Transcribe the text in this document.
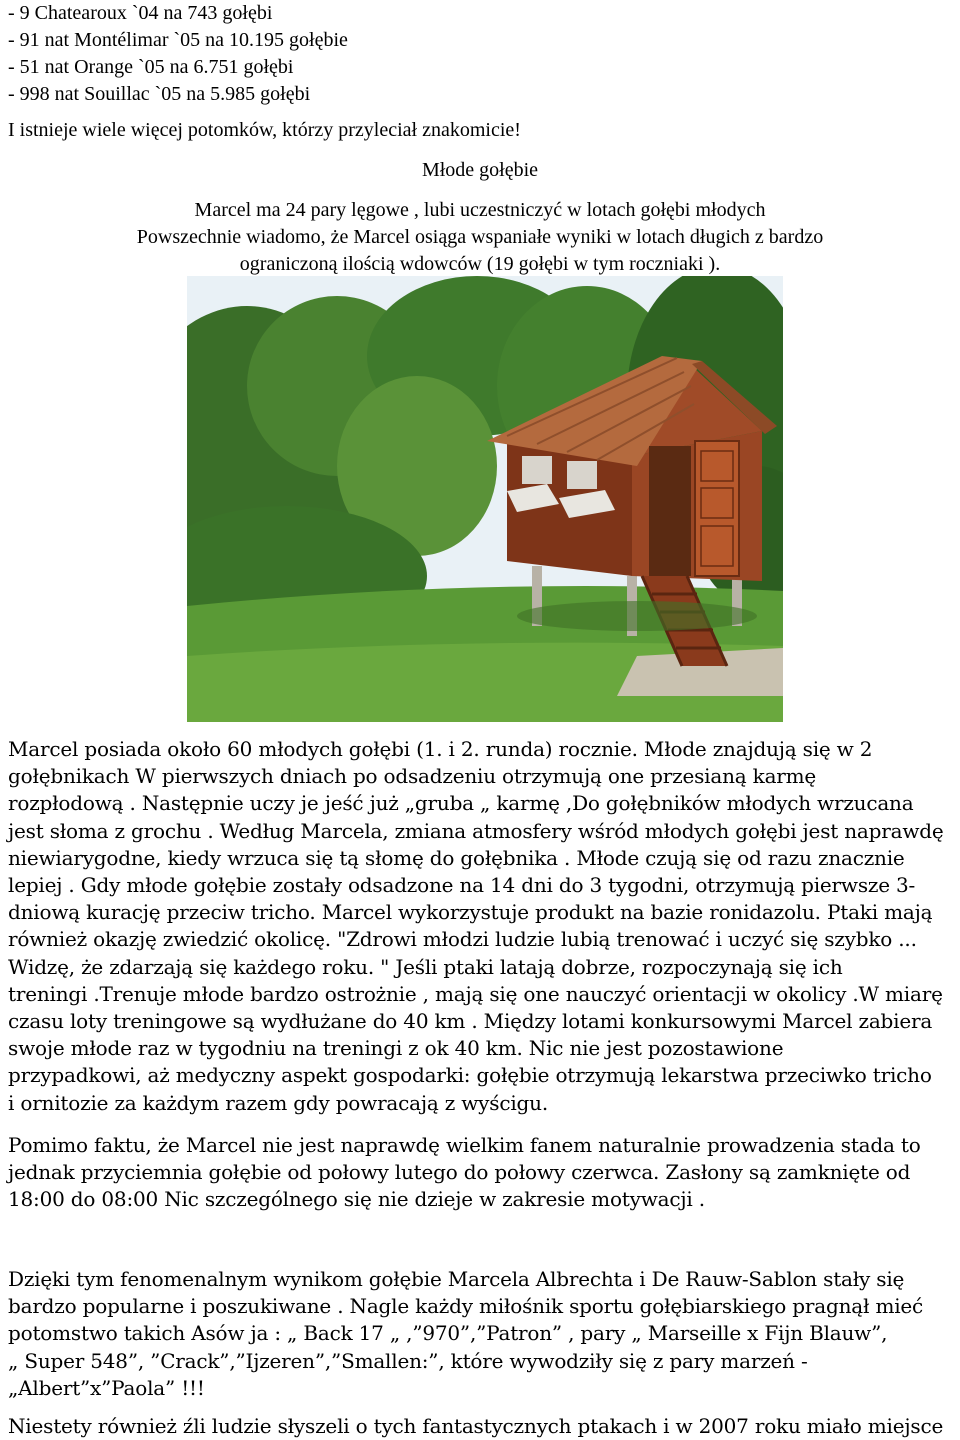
- 9 Chatearoux `04 na 743 gołębi
- 91 nat Montélimar `05 na 10.195 gołębie
- 51 nat Orange `05 na 6.751 gołębi
- 998 nat Souillac `05 na 5.985 gołębi
I istnieje wiele więcej potomków, którzy przyleciał znakomicie!
Młode gołębie
Marcel ma 24 pary lęgowe , lubi uczestniczyć w lotach gołębi młodych
Powszechnie wiadomo, że Marcel osiąga wspaniałe wyniki w lotach długich z bardzo
ograniczoną ilością wdowców (19 gołębi w tym roczniaki ).
Marcel posiada około 60 młodych gołębi (1. i 2. runda) rocznie. Młode znajdują się w 2
gołębnikach W pierwszych dniach po odsadzeniu otrzymują one przesianą karmę
rozpłodową . Następnie uczy je jeść już „gruba „ karmę ,Do gołębników młodych wrzucana
jest słoma z grochu . Według Marcela, zmiana atmosfery wśród młodych gołębi jest naprawdę
niewiarygodne, kiedy wrzuca się tą słomę do gołębnika . Młode czują się od razu znacznie
lepiej . Gdy młode gołębie zostały odsadzone na 14 dni do 3 tygodni, otrzymują pierwsze 3-
dniową kurację przeciw tricho. Marcel wykorzystuje produkt na bazie ronidazolu. Ptaki mają
również okazję zwiedzić okolicę. "Zdrowi młodzi ludzie lubią trenować i uczyć się szybko ...
Widzę, że zdarzają się każdego roku. " Jeśli ptaki latają dobrze, rozpoczynają się ich
treningi .Trenuje młode bardzo ostrożnie , mają się one nauczyć orientacji w okolicy .W miarę
czasu loty treningowe są wydłużane do 40 km . Między lotami konkursowymi Marcel zabiera
swoje młode raz w tygodniu na treningi z ok 40 km. Nic nie jest pozostawione
przypadkowi, aż medyczny aspekt gospodarki: gołębie otrzymują lekarstwa przeciwko tricho
i ornitozie za każdym razem gdy powracają z wyścigu.
Pomimo faktu, że Marcel nie jest naprawdę wielkim fanem naturalnie prowadzenia stada to
jednak przyciemnia gołębie od połowy lutego do połowy czerwca. Zasłony są zamknięte od
18:00 do 08:00 Nic szczególnego się nie dzieje w zakresie motywacji .
Dzięki tym fenomenalnym wynikom gołębie Marcela Albrechta i De Rauw-Sablon stały się
bardzo popularne i poszukiwane . Nagle każdy miłośnik sportu gołębiarskiego pragnął mieć
potomstwo takich Asów ja : „ Back 17 „ ,”970”,”Patron” , pary „ Marseille x Fijn Blauw”,
„ Super 548”, ”Crack”,”Ijzeren”,”Smallen:”, które wywodziły się z pary marzeń -
„Albert”x”Paola” !!!
Niestety również źli ludzie słyszeli o tych fantastycznych ptakach i w 2007 roku miało miejsce
